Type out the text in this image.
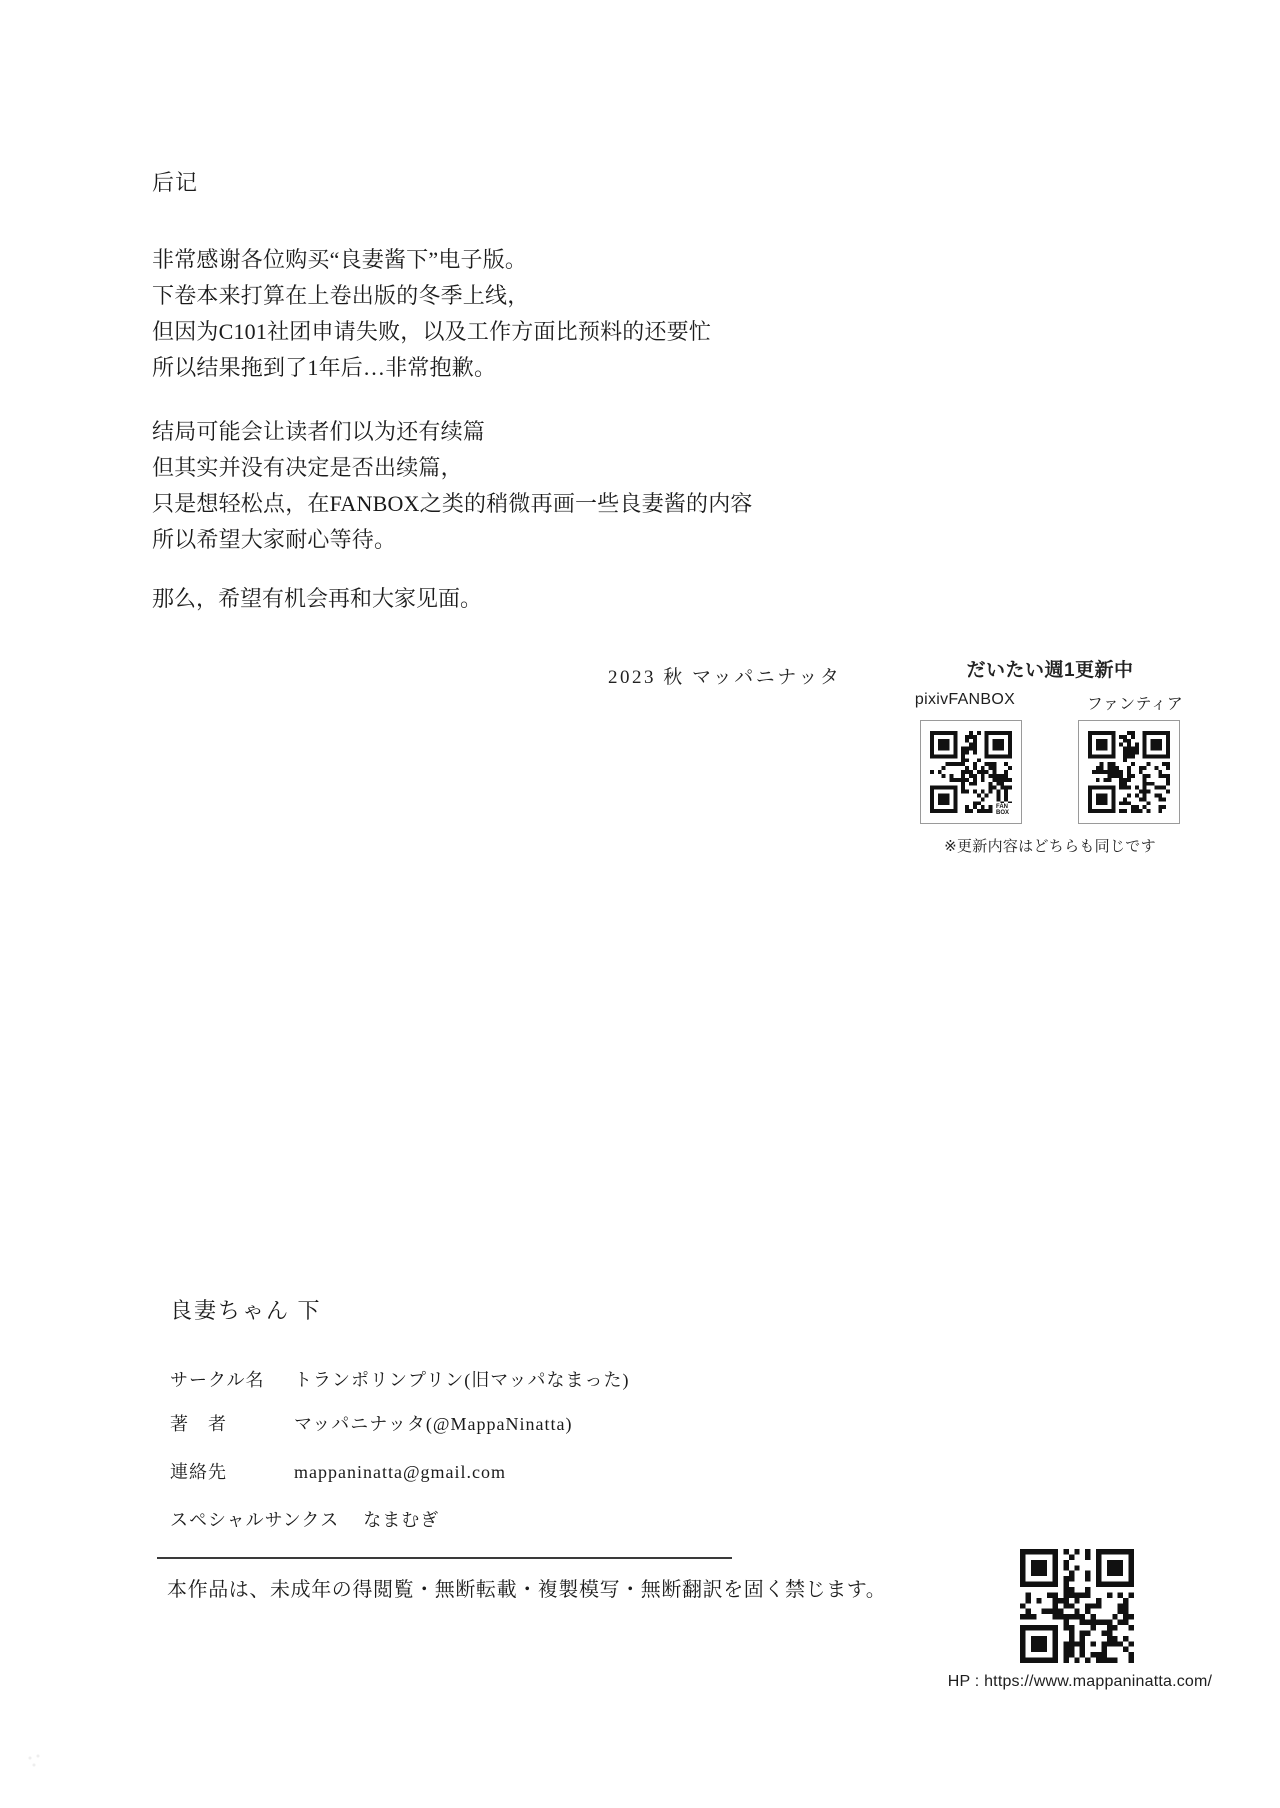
后记
非常感谢各位购买“良妻酱下”电子版。
下卷本来打算在上卷出版的冬季上线，
但因为C101社团申请失败，以及工作方面比预料的还要忙
所以结果拖到了1年后…非常抱歉。
结局可能会让读者们以为还有续篇
但其实并没有决定是否出续篇，
只是想轻松点，在FANBOX之类的稍微再画一些良妻酱的内容
所以希望大家耐心等待。
那么，希望有机会再和大家见面。
2023 秋 マッパニナッタ	だいたい週1更新中
pixivFANBOX	ファンティア
FAN BOX
※更新内容はどちらも同じです
良妻ちゃん 下
サークル名 トランポリンプリン(旧マッパなまった)
著　者	マッパニナッタ(@MappaNinatta)
連絡先	mappaninatta@gmail.com
スペシャルサンクス なまむぎ
本作品は、未成年の得閲覧・無断転載・複製模写・無断翻訳を固く禁じます。
HP : https://www.mappaninatta.com/
